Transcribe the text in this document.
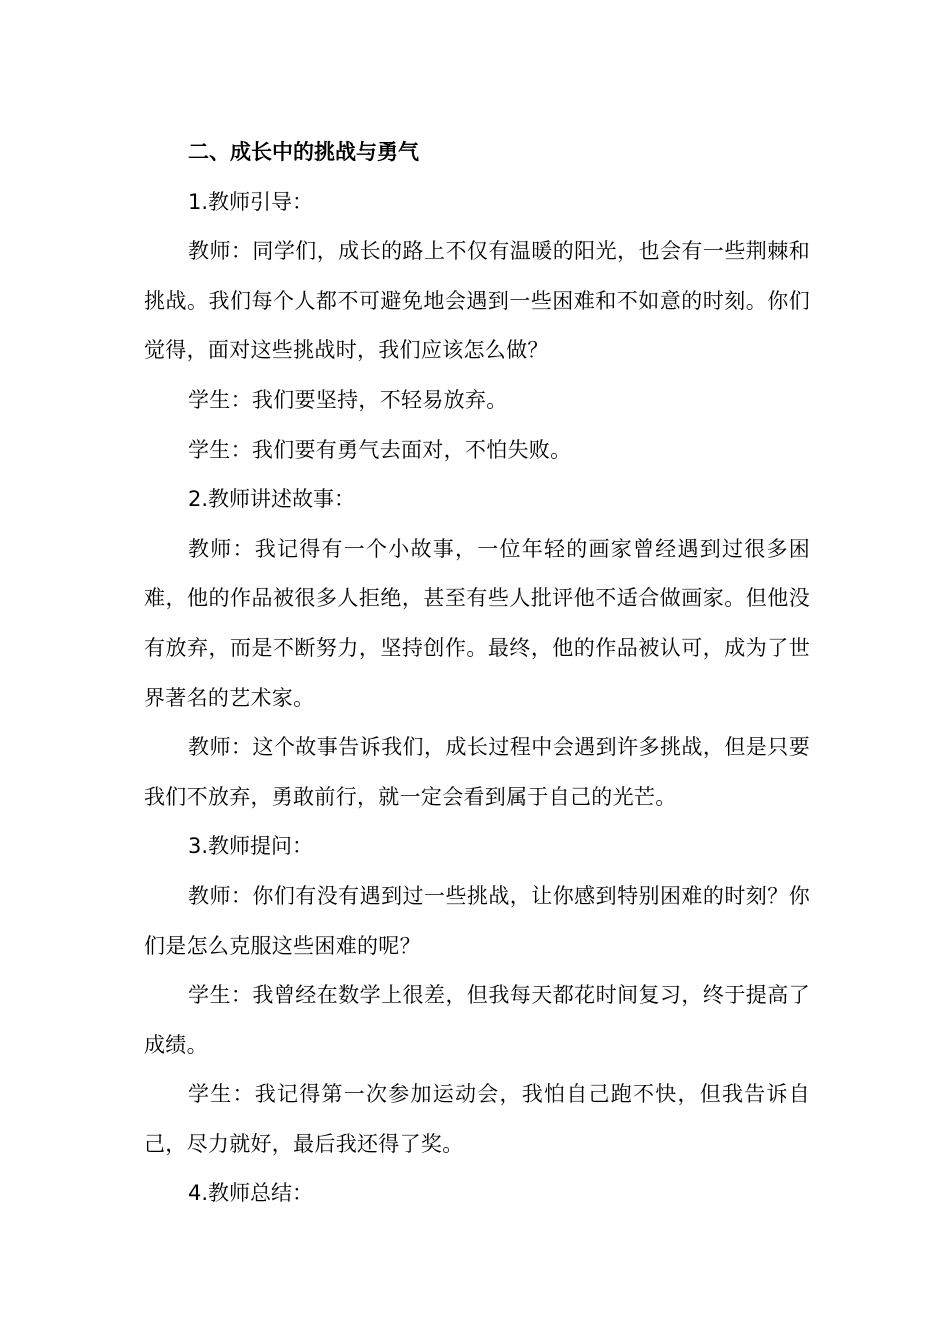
二、成长中的挑战与勇气
1.教师引导：

教师：同学们，成长的路上不仅有温暖的阳光，也会有一些荆棘和挑战。我们每个人都不可避免地会遇到一些困难和不如意的时刻。你们觉得，面对这些挑战时，我们应该怎么做？

学生：我们要坚持，不轻易放弃。

学生：我们要有勇气去面对，不怕失败。

2.教师讲述故事：

教师：我记得有一个小故事，一位年轻的画家曾经遇到过很多困难，他的作品被很多人拒绝，甚至有些人批评他不适合做画家。但他没有放弃，而是不断努力，坚持创作。最终，他的作品被认可，成为了世界著名的艺术家。

教师：这个故事告诉我们，成长过程中会遇到许多挑战，但是只要我们不放弃，勇敢前行，就一定会看到属于自己的光芒。

3.教师提问：

教师：你们有没有遇到过一些挑战，让你感到特别困难的时刻？你们是怎么克服这些困难的呢？

学生：我曾经在数学上很差，但我每天都花时间复习，终于提高了成绩。

学生：我记得第一次参加运动会，我怕自己跑不快，但我告诉自己，尽力就好，最后我还得了奖。

4.教师总结：
